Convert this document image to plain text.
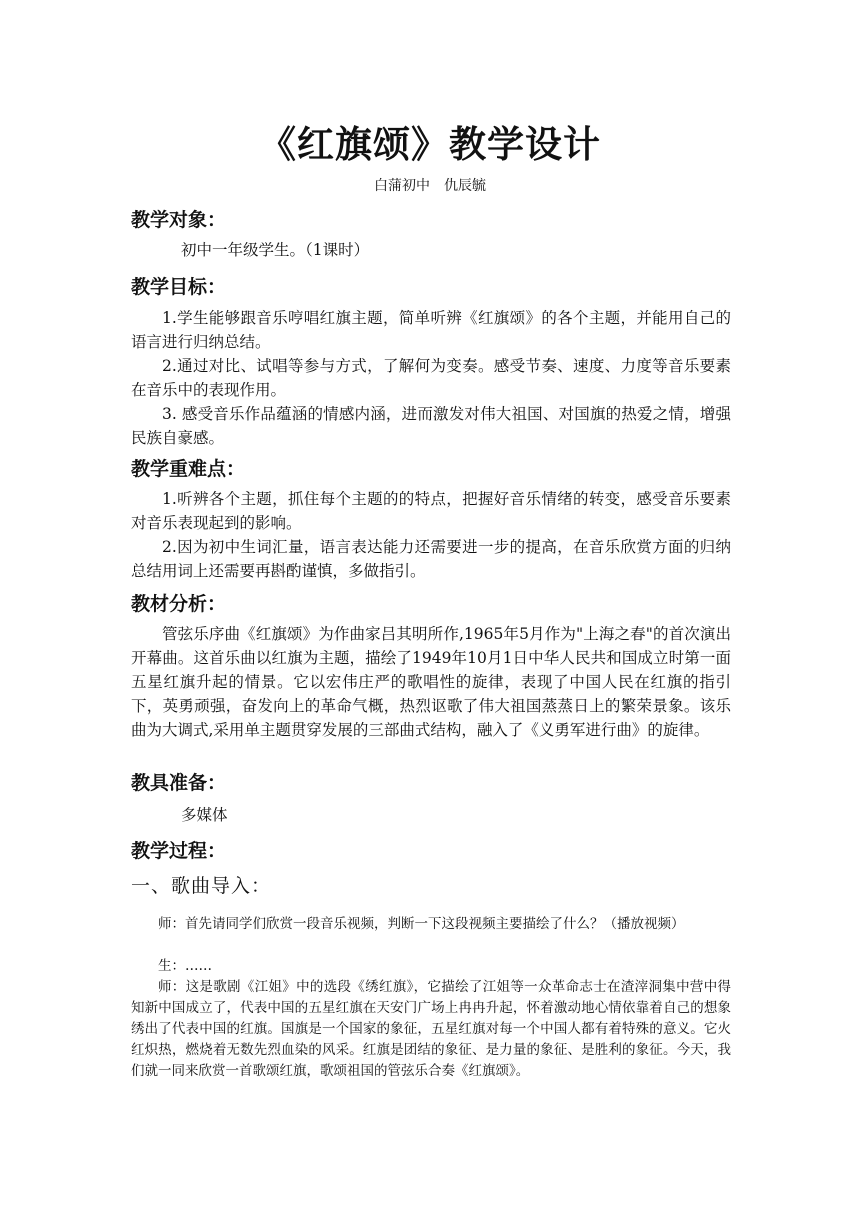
《红旗颂》教学设计
白蒲初中　仇辰毓
教学对象：

初中一年级学生。（1课时）

教学目标：

1.学生能够跟音乐哼唱红旗主题，简单听辨《红旗颂》的各个主题，并能用自己的语言进行归纳总结。

2.通过对比、试唱等参与方式，了解何为变奏。感受节奏、速度、力度等音乐要素在音乐中的表现作用。

3. 感受音乐作品蕴涵的情感内涵，进而激发对伟大祖国、对国旗的热爱之情，增强民族自豪感。

教学重难点：

1.听辨各个主题，抓住每个主题的的特点，把握好音乐情绪的转变，感受音乐要素对音乐表现起到的影响。

2.因为初中生词汇量，语言表达能力还需要进一步的提高，在音乐欣赏方面的归纳总结用词上还需要再斟酌谨慎，多做指引。

教材分析：

管弦乐序曲《红旗颂》为作曲家吕其明所作,1965年5月作为"上海之春"的首次演出开幕曲。这首乐曲以红旗为主题，描绘了1949年10月1日中华人民共和国成立时第一面五星红旗升起的情景。它以宏伟庄严的歌唱性的旋律，表现了中国人民在红旗的指引下，英勇顽强，奋发向上的革命气概，热烈讴歌了伟大祖国蒸蒸日上的繁荣景象。该乐曲为大调式,采用单主题贯穿发展的三部曲式结构，融入了《义勇军进行曲》的旋律。

教具准备：

多媒体

教学过程：
一、歌曲导入：

师：首先请同学们欣赏一段音乐视频，判断一下这段视频主要描绘了什么？（播放视频）

生：……

师：这是歌剧《江姐》中的选段《绣红旗》，它描绘了江姐等一众革命志士在渣滓洞集中营中得知新中国成立了，代表中国的五星红旗在天安门广场上冉冉升起，怀着激动地心情依靠着自己的想象绣出了代表中国的红旗。国旗是一个国家的象征，五星红旗对每一个中国人都有着特殊的意义。它火红炽热，燃烧着无数先烈血染的风采。红旗是团结的象征、是力量的象征、是胜利的象征。今天，我们就一同来欣赏一首歌颂红旗，歌颂祖国的管弦乐合奏《红旗颂》。
